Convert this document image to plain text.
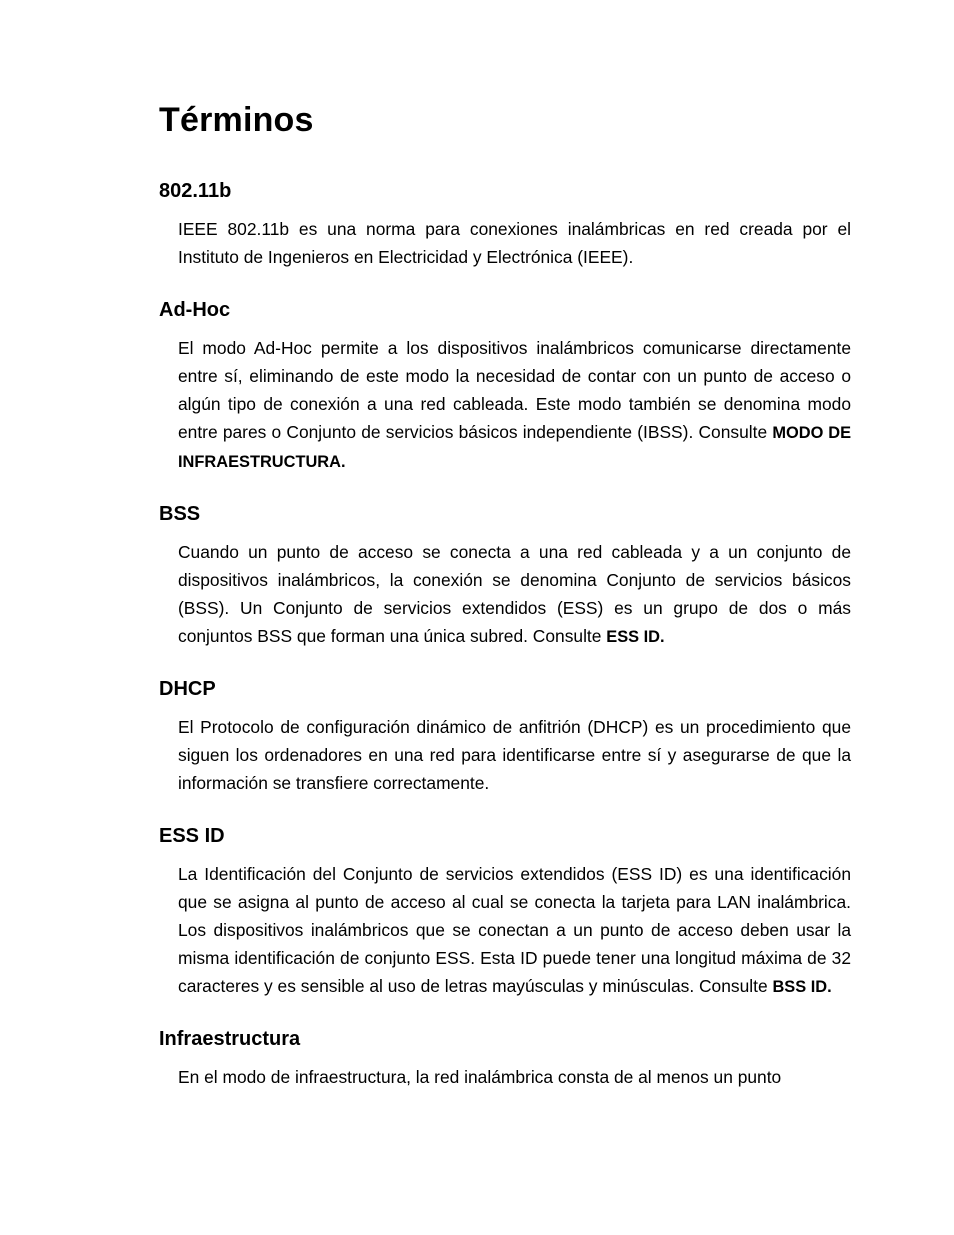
Términos
802.11b

IEEE 802.11b es una norma para conexiones inalámbricas en red creada por el Instituto de Ingenieros en Electricidad y Electrónica (IEEE).

Ad-Hoc

El modo Ad-Hoc permite a los dispositivos inalámbricos comunicarse directamente entre sí, eliminando de este modo la necesidad de contar con un punto de acceso o algún tipo de conexión a una red cableada. Este modo también se denomina modo entre pares o Conjunto de servicios básicos independiente (IBSS). Consulte MODO DE INFRAESTRUCTURA.

BSS

Cuando un punto de acceso se conecta a una red cableada y a un conjunto de dispositivos inalámbricos, la conexión se denomina Conjunto de servicios básicos (BSS). Un Conjunto de servicios extendidos (ESS) es un grupo de dos o más conjuntos BSS que forman una única subred. Consulte ESS ID.

DHCP

El Protocolo de configuración dinámico de anfitrión (DHCP) es un procedimiento que siguen los ordenadores en una red para identificarse entre sí y asegurarse de que la información se transfiere correctamente.

ESS ID

La Identificación del Conjunto de servicios extendidos (ESS ID) es una identificación que se asigna al punto de acceso al cual se conecta la tarjeta para LAN inalámbrica. Los dispositivos inalámbricos que se conectan a un punto de acceso deben usar la misma identificación de conjunto ESS. Esta ID puede tener una longitud máxima de 32 caracteres y es sensible al uso de letras mayúsculas y minúsculas. Consulte BSS ID.

Infraestructura

En el modo de infraestructura, la red inalámbrica consta de al menos un punto
